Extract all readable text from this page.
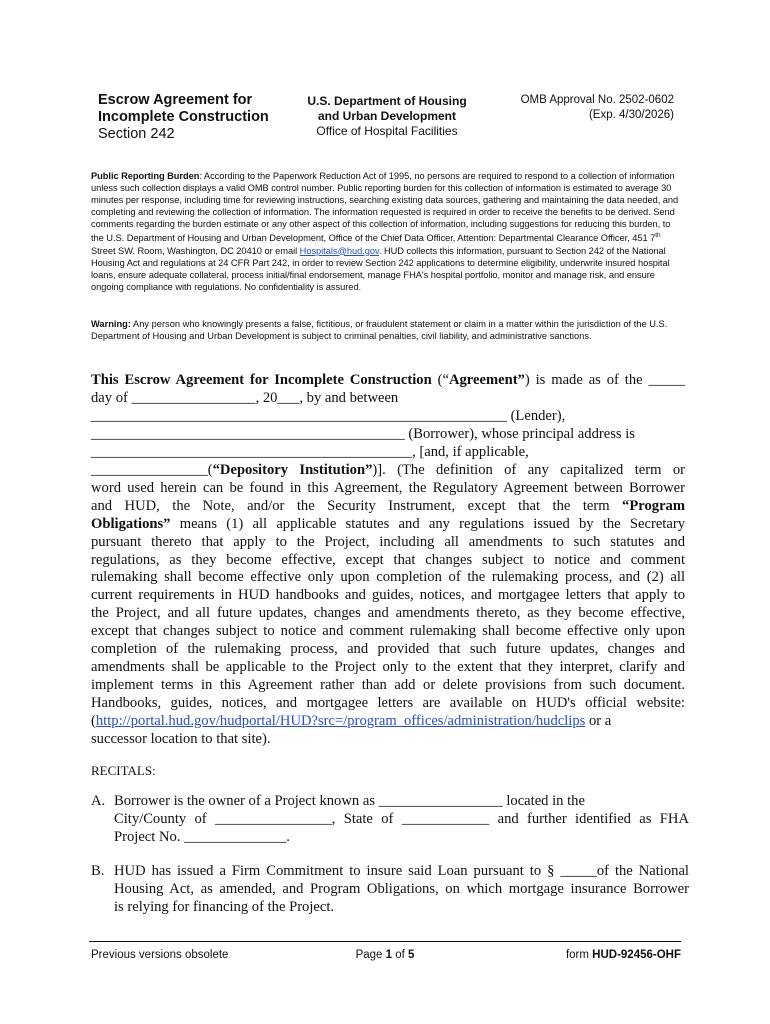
Escrow Agreement for
Incomplete Construction
Section 242
U.S. Department of Housing
and Urban Development
Office of Hospital Facilities
OMB Approval No. 2502-0602
(Exp. 4/30/2026)
Public Reporting Burden: According to the Paperwork Reduction Act of 1995, no persons are required to respond to a collection of information unless such collection displays a valid OMB control number. Public reporting burden for this collection of information is estimated to average 30 minutes per response, including time for reviewing instructions, searching existing data sources, gathering and maintaining the data needed, and completing and reviewing the collection of information. The information requested is required in order to receive the benefits to be derived. Send comments regarding the burden estimate or any other aspect of this collection of information, including suggestions for reducing this burden, to the U.S. Department of Housing and Urban Development, Office of the Chief Data Officer, Attention: Departmental Clearance Officer, 451 7th Street SW. Room, Washington, DC 20410 or email Hospitals@hud.gov. HUD collects this information, pursuant to Section 242 of the National Housing Act and regulations at 24 CFR Part 242, in order to review Section 242 applications to determine eligibility, underwrite insured hospital loans, ensure adequate collateral, process initial/final endorsement, manage FHA's hospital portfolio, monitor and manage risk, and ensure ongoing compliance with regulations. No confidentiality is assured.
Warning: Any person who knowingly presents a false, fictitious, or fraudulent statement or claim in a matter within the jurisdiction of the U.S. Department of Housing and Urban Development is subject to criminal penalties, civil liability, and administrative sanctions.
This Escrow Agreement for Incomplete Construction (“Agreement”) is made as of the _____
day of _________________, 20___, by and between
_________________________________________________________ (Lender),
___________________________________________ (Borrower), whose principal address is
____________________________________________, [and, if applicable,
________________(“Depository Institution”)]. (The definition of any capitalized term or
word used herein can be found in this Agreement, the Regulatory Agreement between Borrower
and HUD, the Note, and/or the Security Instrument, except that the term “Program
Obligations” means (1) all applicable statutes and any regulations issued by the Secretary
pursuant thereto that apply to the Project, including all amendments to such statutes and
regulations, as they become effective, except that changes subject to notice and comment
rulemaking shall become effective only upon completion of the rulemaking process, and (2) all
current requirements in HUD handbooks and guides, notices, and mortgagee letters that apply to
the Project, and all future updates, changes and amendments thereto, as they become effective,
except that changes subject to notice and comment rulemaking shall become effective only upon
completion of the rulemaking process, and provided that such future updates, changes and
amendments shall be applicable to the Project only to the extent that they interpret, clarify and
implement terms in this Agreement rather than add or delete provisions from such document.
Handbooks, guides, notices, and mortgagee letters are available on HUD's official website:
(http://portal.hud.gov/hudportal/HUD?src=/program_offices/administration/hudclips or a
successor location to that site).
RECITALS:
A. Borrower is the owner of a Project known as _________________ located in the
City/County of ________________, State of ____________ and further identified as FHA
Project No. ______________.
B. HUD has issued a Firm Commitment to insure said Loan pursuant to § _____of the National
Housing Act, as amended, and Program Obligations, on which mortgage insurance Borrower
is relying for financing of the Project.
Previous versions obsolete	Page 1 of 5	form HUD-92456-OHF
